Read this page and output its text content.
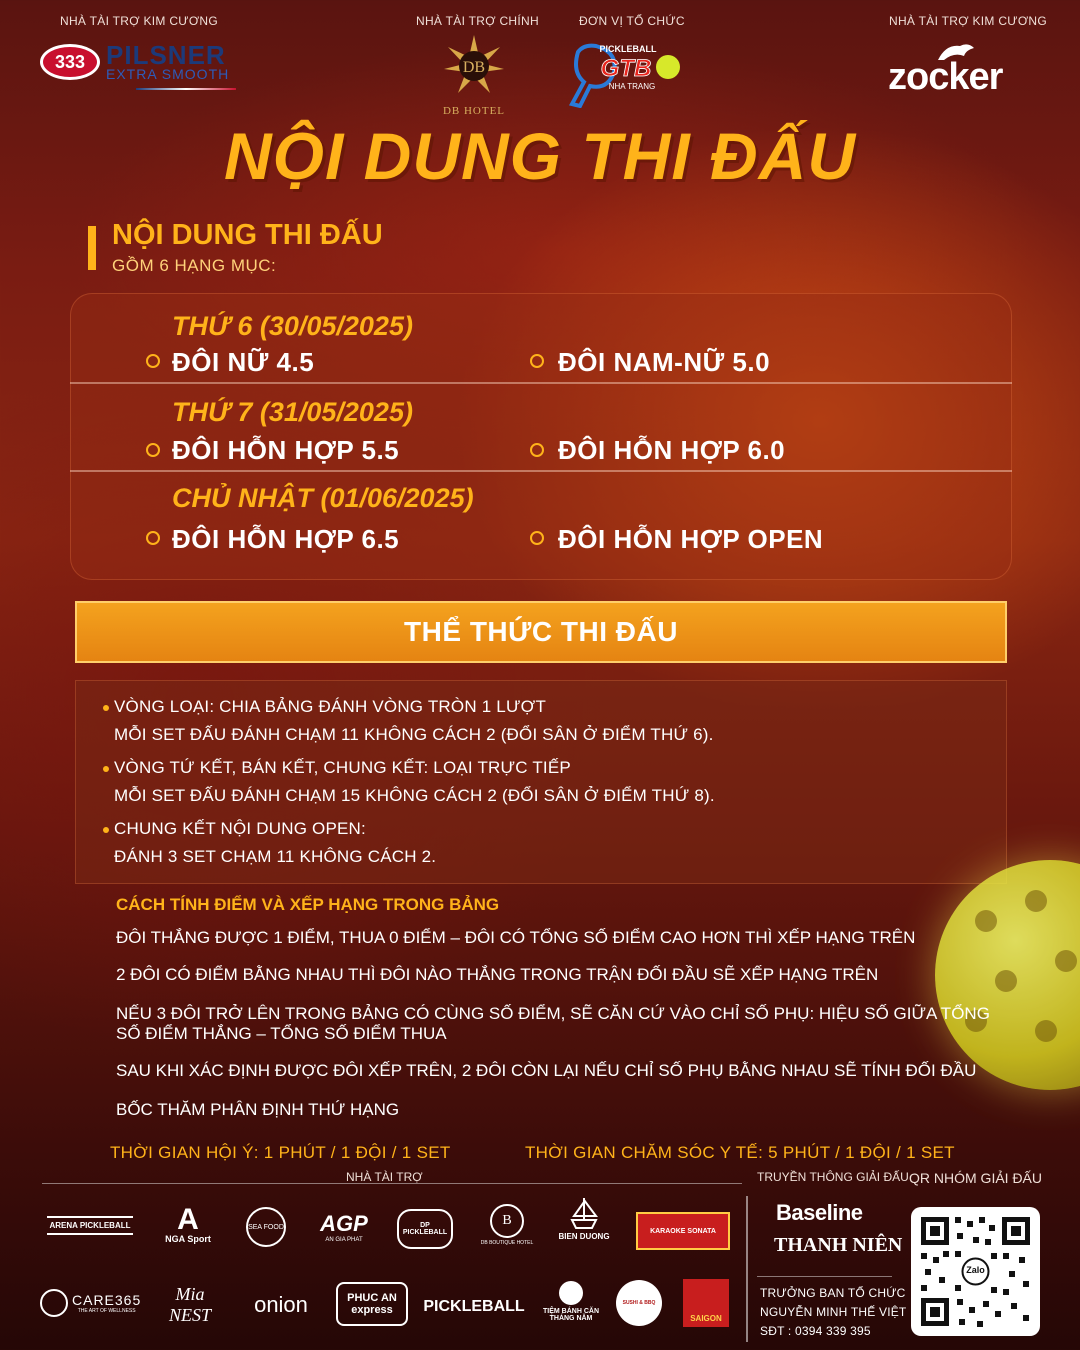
NHÀ TÀI TRỢ KIM CƯƠNG	NHÀ TÀI TRỢ CHÍNH	ĐƠN VỊ TỔ CHỨC	NHÀ TÀI TRỢ KIM CƯƠNG
333 PILSNER
EXTRA SMOOTH	DB
DB HOTEL
PICKLEBALL
GTB
NHA TRANG	zocker
NỘI DUNG THI ĐẤU
NỘI DUNG THI ĐẤU
GỒM 6 HẠNG MỤC:
THỨ 6 (30/05/2025)
ĐÔI NỮ 4.5	ĐÔI NAM-NỮ 5.0
THỨ 7 (31/05/2025)
ĐÔI HỖN HỢP 5.5	ĐÔI HỖN HỢP 6.0
CHỦ NHẬT (01/06/2025)
ĐÔI HỖN HỢP 6.5	ĐÔI HỖN HỢP OPEN
THỂ THỨC THI ĐẤU
VÒNG LOẠI: CHIA BẢNG ĐÁNH VÒNG TRÒN 1 LƯỢT
MỖI SET ĐẤU ĐÁNH CHẠM 11 KHÔNG CÁCH 2 (ĐỔI SÂN Ở ĐIỂM THỨ 6).
VÒNG TỨ KẾT, BÁN KẾT, CHUNG KẾT: LOẠI TRỰC TIẾP
MỖI SET ĐẤU ĐÁNH CHẠM 15 KHÔNG CÁCH 2 (ĐỔI SÂN Ở ĐIỂM THỨ 8).
CHUNG KẾT NỘI DUNG OPEN:
ĐÁNH 3 SET CHẠM 11 KHÔNG CÁCH 2.
CÁCH TÍNH ĐIỂM VÀ XẾP HẠNG TRONG BẢNG
ĐÔI THẮNG ĐƯỢC 1 ĐIỂM, THUA 0 ĐIỂM – ĐÔI CÓ TỔNG SỐ ĐIỂM CAO HƠN THÌ XẾP HẠNG TRÊN
2 ĐÔI CÓ ĐIỂM BẰNG NHAU THÌ ĐÔI NÀO THẮNG TRONG TRẬN ĐỐI ĐẦU SẼ XẾP HẠNG TRÊN
NẾU 3 ĐÔI TRỞ LÊN TRONG BẢNG CÓ CÙNG SỐ ĐIỂM, SẼ CĂN CỨ VÀO CHỈ SỐ PHỤ: HIỆU SỐ GIỮA TỔNG SỐ ĐIỂM THẮNG – TỔNG SỐ ĐIỂM THUA
SAU KHI XÁC ĐỊNH ĐƯỢC ĐÔI XẾP TRÊN, 2 ĐÔI CÒN LẠI NẾU CHỈ SỐ PHỤ BẰNG NHAU SẼ TÍNH ĐỐI ĐẦU
BỐC THĂM PHÂN ĐỊNH THỨ HẠNG
THỜI GIAN HỘI Ý: 1 PHÚT / 1 ĐỘI / 1 SET	THỜI GIAN CHĂM SÓC Y TẾ: 5 PHÚT / 1 ĐỘI / 1 SET
NHÀ TÀI TRỢ	TRUYỀN THÔNG GIẢI ĐẤU QR NHÓM GIẢI ĐẤU
ARENA PICKLEBALL A
NGA Sport
SEA FOOD AGP
AN GIA PHAT
DP PICKLEBALL
B
DB BOUTIQUE HOTEL
BIEN DUONG
KARAOKE SONATA
CARE365
THE ART OF WELLNESS
Mia NEST	onion	PHUC AN express	PICKLEBALL	TIỆM BÁNH CĂN THÁNG NĂM
SUSHI & BBQ
SAIGON
Baseline
THANH NIÊN
TRƯỞNG BAN TỔ CHỨC
NGUYỄN MINH THẾ VIỆT
SĐT : 0394 339 395
Zalo
